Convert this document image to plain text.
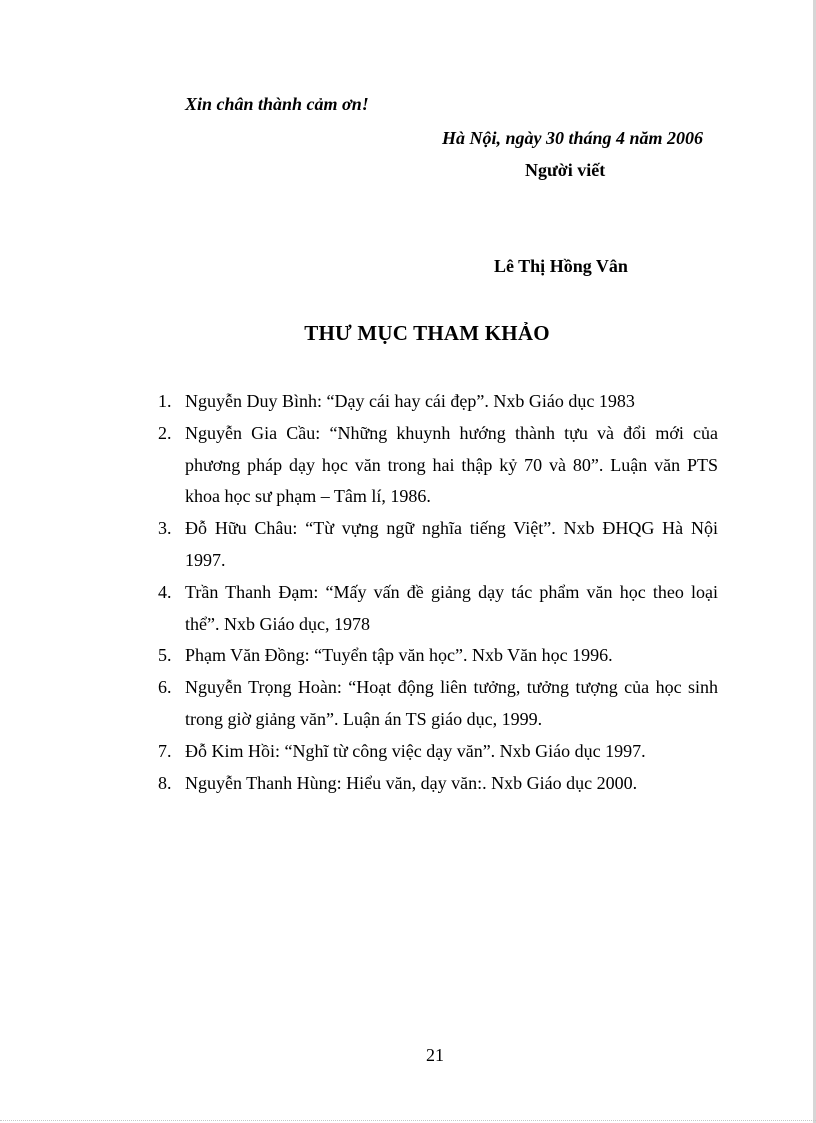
Xin chân thành cảm ơn!
Hà Nội, ngày 30 tháng 4 năm 2006
Người viết
Lê Thị Hồng Vân
THƯ MỤC THAM KHẢO
1. Nguyễn Duy Bình: “Dạy cái hay cái đẹp”. Nxb Giáo dục 1983
2. Nguyễn Gia Cầu: “Những khuynh hướng thành tựu và đổi mới của phương pháp dạy học văn trong hai thập kỷ 70 và 80”. Luận văn PTS khoa học sư phạm – Tâm lí, 1986.
3. Đỗ Hữu Châu: “Từ vựng ngữ nghĩa tiếng Việt”. Nxb ĐHQG Hà Nội 1997.
4. Trần Thanh Đạm: “Mấy vấn đề giảng dạy tác phẩm văn học theo loại thể”. Nxb Giáo dục, 1978
5. Phạm Văn Đồng: “Tuyển tập văn học”. Nxb Văn học 1996.
6. Nguyễn Trọng Hoàn: “Hoạt động liên tưởng, tưởng tượng của học sinh trong giờ giảng văn”. Luận án TS giáo dục, 1999.
7. Đỗ Kim Hồi: “Nghĩ từ công việc dạy văn”. Nxb Giáo dục 1997.
8. Nguyễn Thanh Hùng: Hiểu văn, dạy văn:. Nxb Giáo dục 2000.
21
